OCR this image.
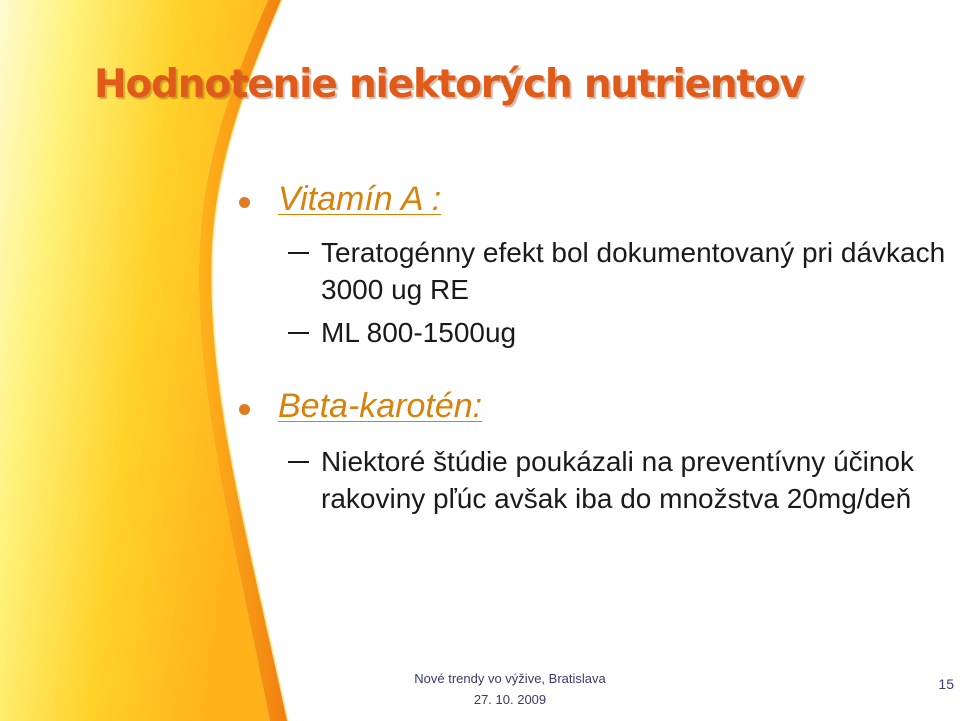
Hodnotenie niektorých nutrientov
Vitamín A :
Teratogénny efekt bol dokumentovaný pri dávkach 3000 ug RE
ML 800-1500ug
Beta-karotén:
Niektoré štúdie poukázali na preventívny účinok rakoviny pľúc avšak iba do množstva 20mg/deň
Nové trendy vo výžive, Bratislava
27. 10. 2009
15
